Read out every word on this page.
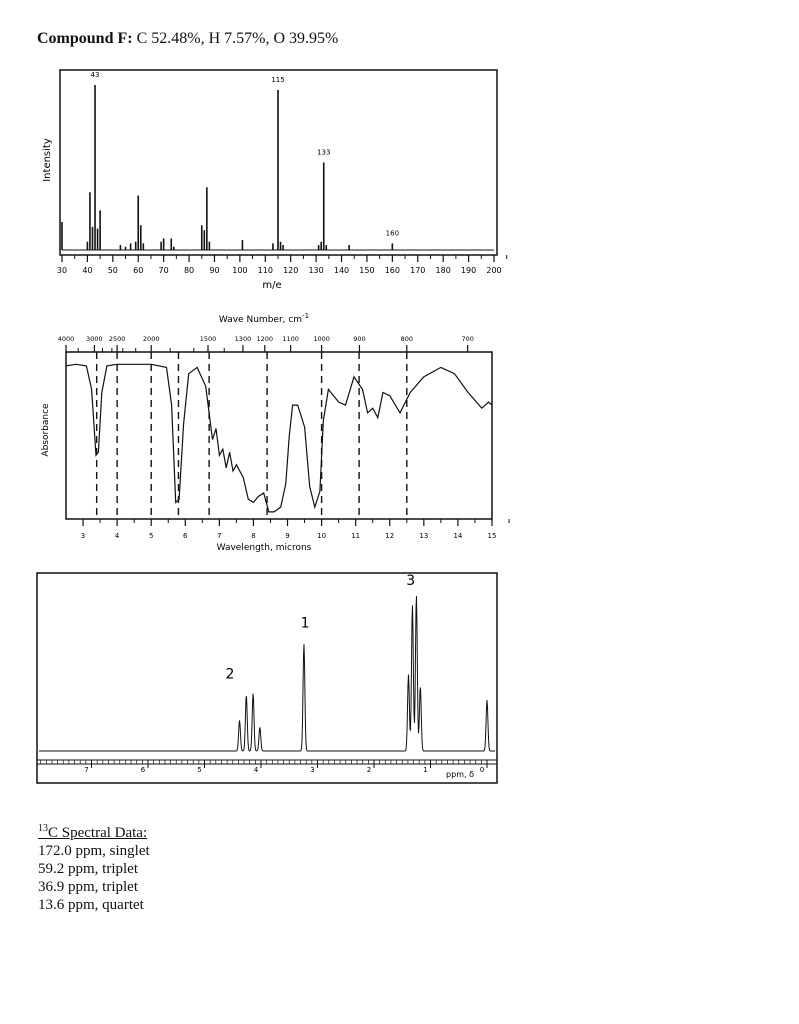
Compound F: C 52.48%, H 7.57%, O 39.95%
Intensity
m/e
43
115
133
160
30 40 50 60 70 80 90 100 110 120 130 140 150 160 170 180 190 200
Wave Number, $cm^{-1}$
Absorbance
Wavelength, microns
3	4	5	6	7	8	9	10	11	12	13	14	15
4000 3000 2500	2000	1500	1300 1200 1100 1000	900	800	700
7	6	5	4	3	2	1	0
2
1
3
ppm, δ
$^{13}$C Spectral Data:
172.0 ppm, singlet
59.2 ppm, triplet
36.9 ppm, triplet
13.6 ppm, quartet
